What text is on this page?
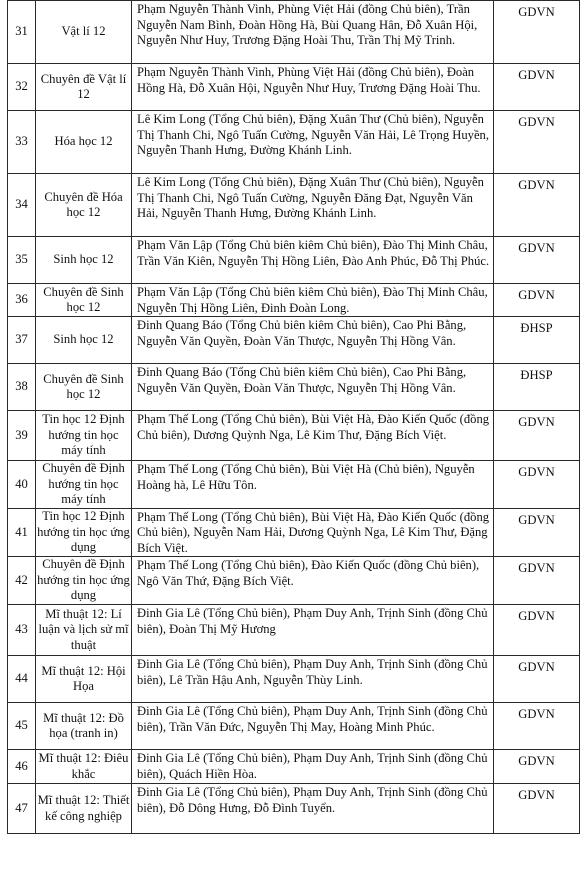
31	Vật lí 12	Phạm Nguyễn Thành Vinh, Phùng Việt Hải (đồng Chủ biên), Trần Nguyễn Nam Bình, Đoàn Hồng Hà, Bùi Quang Hân, Đỗ Xuân Hội, Nguyễn Như Huy, Trương Đặng Hoài Thu, Trần Thị Mỹ Trinh.	GDVN
32	Chuyên đề Vật lí 12	Phạm Nguyễn Thành Vinh, Phùng Việt Hải (đồng Chủ biên), Đoàn Hồng Hà, Đỗ Xuân Hội, Nguyễn Như Huy, Trương Đặng Hoài Thu.	GDVN
33	Hóa học 12	Lê Kim Long (Tổng Chủ biên), Đặng Xuân Thư (Chủ biên), Nguyễn Thị Thanh Chi, Ngô Tuấn Cường, Nguyễn Văn Hải, Lê Trọng Huyền, Nguyễn Thanh Hưng, Đường Khánh Linh.	GDVN
34	Chuyên đề Hóa học 12	Lê Kim Long (Tổng Chủ biên), Đặng Xuân Thư (Chủ biên), Nguyễn Thị Thanh Chi, Ngô Tuấn Cường, Nguyễn Đăng Đạt, Nguyễn Văn Hải, Nguyễn Thanh Hưng, Đường Khánh Linh.	GDVN
35	Sinh học 12	Phạm Văn Lập (Tổng Chủ biên kiêm Chủ biên), Đào Thị Minh Châu, Trần Văn Kiên, Nguyễn Thị Hồng Liên, Đào Anh Phúc, Đỗ Thị Phúc.	GDVN
36	Chuyên đề Sinh học 12	Phạm Văn Lập (Tổng Chủ biên kiêm Chủ biên), Đào Thị Minh Châu, Nguyễn Thị Hồng Liên, Đinh Đoàn Long.	GDVN
37	Sinh học 12	Đinh Quang Báo (Tổng Chủ biên kiêm Chủ biên), Cao Phi Bằng, Nguyễn Văn Quyền, Đoàn Văn Thược, Nguyễn Thị Hồng Vân.	ĐHSP
38	Chuyên đề Sinh học 12	Đinh Quang Báo (Tổng Chủ biên kiêm Chủ biên), Cao Phi Bằng, Nguyễn Văn Quyền, Đoàn Văn Thược, Nguyễn Thị Hồng Vân.	ĐHSP
39	Tin học 12 Định hướng tin học máy tính	Phạm Thế Long (Tổng Chủ biên), Bùi Việt Hà, Đào Kiến Quốc (đồng Chủ biên), Dương Quỳnh Nga, Lê Kim Thư, Đặng Bích Việt.	GDVN
40	Chuyên đề Định hướng tin học máy tính	Phạm Thế Long (Tổng Chủ biên), Bùi Việt Hà (Chủ biên), Nguyễn Hoàng hà, Lê Hữu Tôn.	GDVN
41	Tin học 12 Định hướng tin học ứng dụng	Phạm Thế Long (Tổng Chủ biên), Bùi Việt Hà, Đào Kiến Quốc (đồng Chủ biên), Nguyễn Nam Hải, Dương Quỳnh Nga, Lê Kim Thư, Đặng Bích Việt.	GDVN
42	Chuyên đề Định hướng tin học ứng dụng	Phạm Thế Long (Tổng Chủ biên), Đào Kiến Quốc (đồng Chủ biên), Ngô Văn Thứ, Đặng Bích Việt.	GDVN
43	Mĩ thuật 12: Lí luận và lịch sử mĩ thuật	Đinh Gia Lê (Tổng Chủ biên), Phạm Duy Anh, Trịnh Sinh (đồng Chủ biên), Đoàn Thị Mỹ Hương	GDVN
44	Mĩ thuật 12: Hội Họa	Đinh Gia Lê (Tổng Chủ biên), Phạm Duy Anh, Trịnh Sinh (đồng Chủ biên), Lê Trần Hậu Anh, Nguyễn Thùy Linh.	GDVN
45	Mĩ thuật 12: Đồ họa (tranh in)	Đinh Gia Lê (Tổng Chủ biên), Phạm Duy Anh, Trịnh Sinh (đồng Chủ biên), Trần Văn Đức, Nguyễn Thị May, Hoàng Minh Phúc.	GDVN
46	Mĩ thuật 12: Điêu khắc	Đinh Gia Lê (Tổng Chủ biên), Phạm Duy Anh, Trịnh Sinh (đồng Chủ biên), Quách Hiền Hòa.	GDVN
47	Mĩ thuật 12: Thiết kế công nghiệp	Đinh Gia Lê (Tổng Chủ biên), Phạm Duy Anh, Trịnh Sinh (đồng Chủ biên), Đỗ Dông Hưng, Đỗ Đình Tuyển.	GDVN
